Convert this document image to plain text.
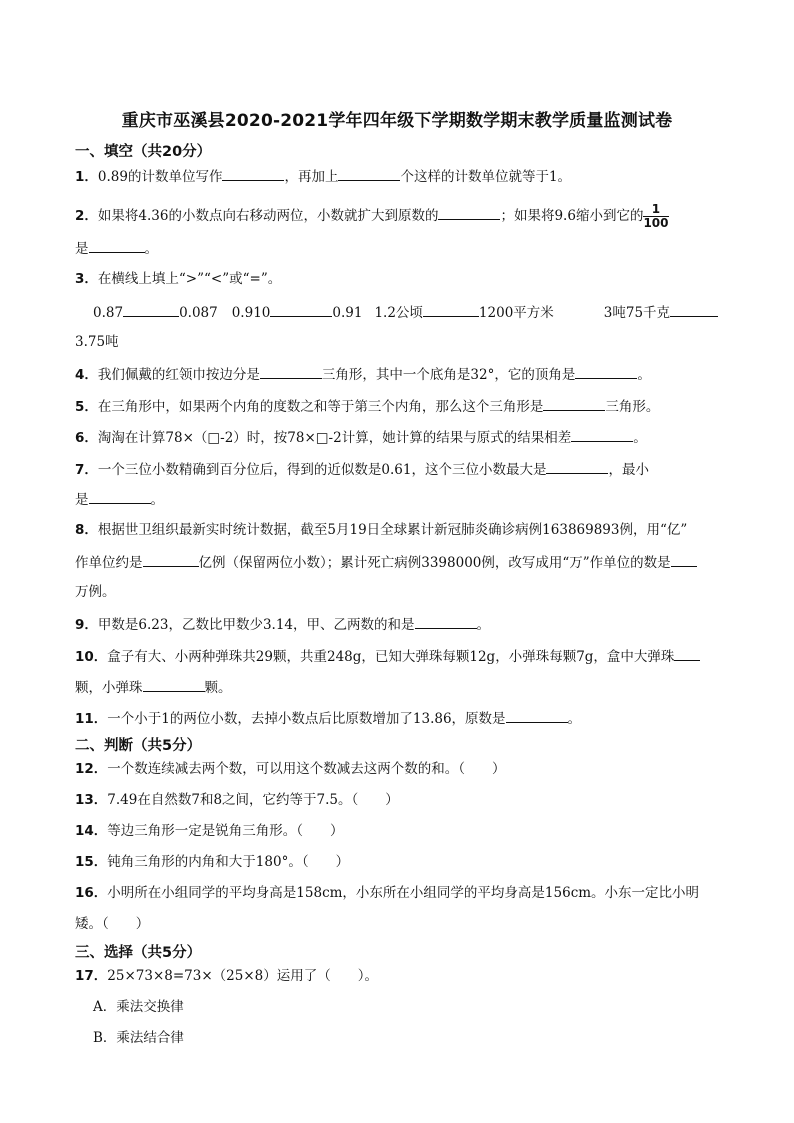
重庆市巫溪县2020-2021学年四年级下学期数学期末教学质量监测试卷
一、填空（共20分）
1．0.89的计数单位写作	，再加上	个这样的计数单位就等于1。
2．如果将4.36的小数点向右移动两位，小数就扩大到原数的	；如果将9.6缩小到它的 $\frac{1}{100}$
是	。
3．在横线上填上“>”“<”或“=”。
0.87	0.087 0.910	0.91 1.2公顷	1200平方米	3吨75千克
3.75吨
4．我们佩戴的红领巾按边分是	三角形，其中一个底角是32°，它的顶角是	。
5．在三角形中，如果两个内角的度数之和等于第三个内角，那么这个三角形是	三角形。
6．淘淘在计算78×（□-2）时，按78×□-2计算，她计算的结果与原式的结果相差	。
7．一个三位小数精确到百分位后，得到的近似数是0.61，这个三位小数最大是	，最小
是	。
8．根据世卫组织最新实时统计数据，截至5月19日全球累计新冠肺炎确诊病例163869893例，用“亿”
作单位约是	亿例（保留两位小数）；累计死亡病例3398000例，改写成用“万”作单位的数是
万例。
9．甲数是6.23，乙数比甲数少3.14，甲、乙两数的和是	。
10．盒子有大、小两种弹珠共29颗，共重248g，已知大弹珠每颗12g，小弹珠每颗7g，盒中大弹珠
颗，小弹珠	颗。
11．一个小于1的两位小数，去掉小数点后比原数增加了13.86，原数是	。
二、判断（共5分）
12．一个数连续减去两个数，可以用这个数减去这两个数的和。（　　）
13．7.49在自然数7和8之间，它约等于7.5。（　　）
14．等边三角形一定是锐角三角形。（　　）
15．钝角三角形的内角和大于180°。（　　）
16．小明所在小组同学的平均身高是158cm，小东所在小组同学的平均身高是156cm。小东一定比小明
矮。（　　）
三、选择（共5分）
17．25×73×8=73×（25×8）运用了（　　）。
A．乘法交换律
B．乘法结合律
